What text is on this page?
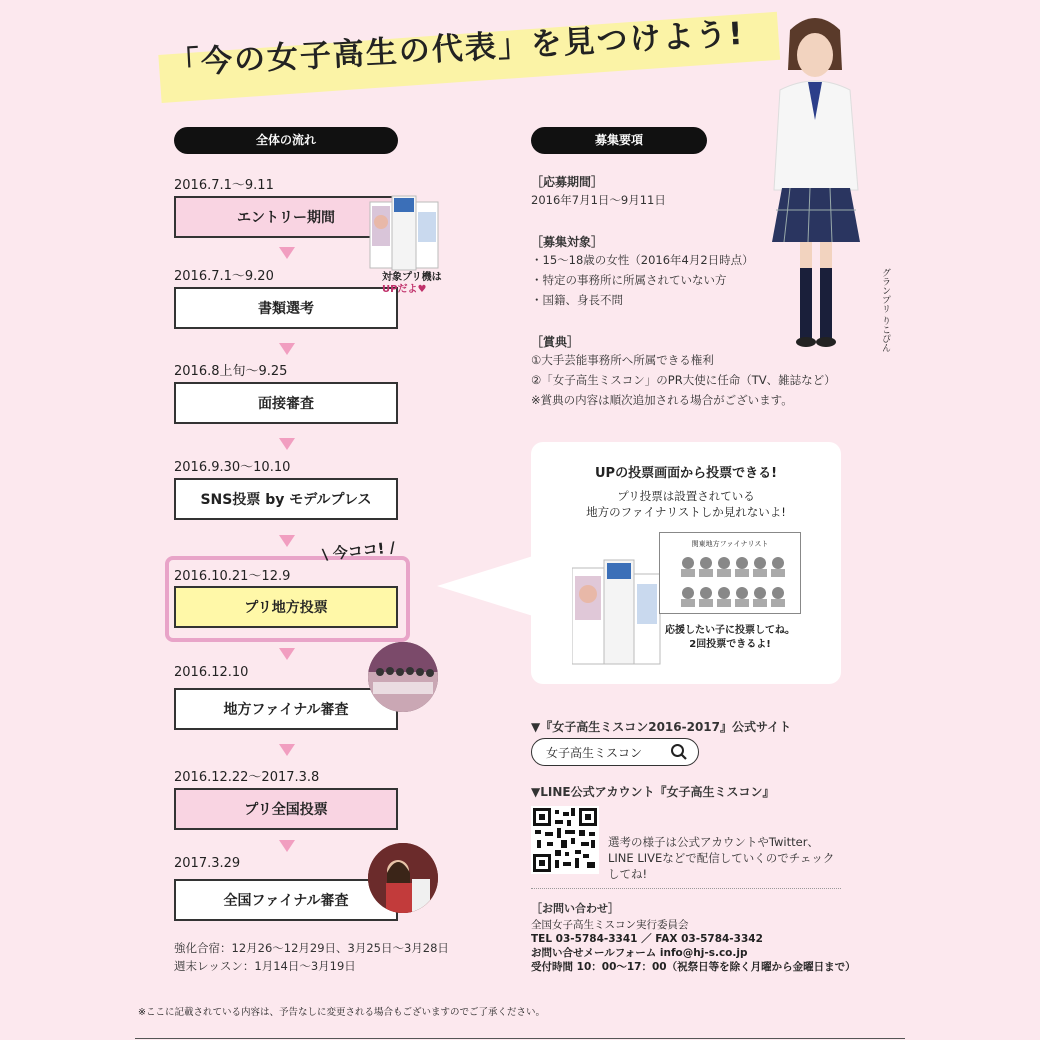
「今の女子高生の代表」を見つけよう!
全体の流れ	募集要項
2016.7.1〜9.11
エントリー期間
2016.7.1〜9.20
書類選考
2016.8上旬〜9.25
面接審査
2016.9.30〜10.10
SNS投票 by モデルプレス
\ 今ココ! /
2016.10.21〜12.9
プリ地方投票
2016.12.10
地方ファイナル審査
2016.12.22〜2017.3.8
プリ全国投票
2017.3.29
全国ファイナル審査
強化合宿：12月26〜12月29日、3月25日〜3月28日
週末レッスン：1月14日〜3月19日
対象プリ機は
UPだよ♥	グランプリ りこぴん
［応募期間］
2016年7月1日〜9月11日
［募集対象］
・15〜18歳の女性（2016年4月2日時点）
・特定の事務所に所属されていない方
・国籍、身長不問
［賞典］
①大手芸能事務所へ所属できる権利
②「女子高生ミスコン」のPR大使に任命（TV、雑誌など）
※賞典の内容は順次追加される場合がございます。
UPの投票画面から投票できる!
プリ投票は設置されている
地方のファイナリストしか見れないよ!
関東地方ファイナリスト
応援したい子に投票してね。
2回投票できるよ!
▼『女子高生ミスコン2016-2017』公式サイト
女子高生ミスコン
▼LINE公式アカウント『女子高生ミスコン』
選考の様子は公式アカウントやTwitter、
LINE LIVEなどで配信していくのでチェック
してね!
［お問い合わせ］
全国女子高生ミスコン実行委員会
TEL 03-5784-3341 ／ FAX 03-5784-3342
お問い合せメールフォーム info@hj-s.co.jp
受付時間 10：00〜17：00（祝祭日等を除く月曜から金曜日まで）
※ここに記載されている内容は、予告なしに変更される場合もございますのでご了承ください。
